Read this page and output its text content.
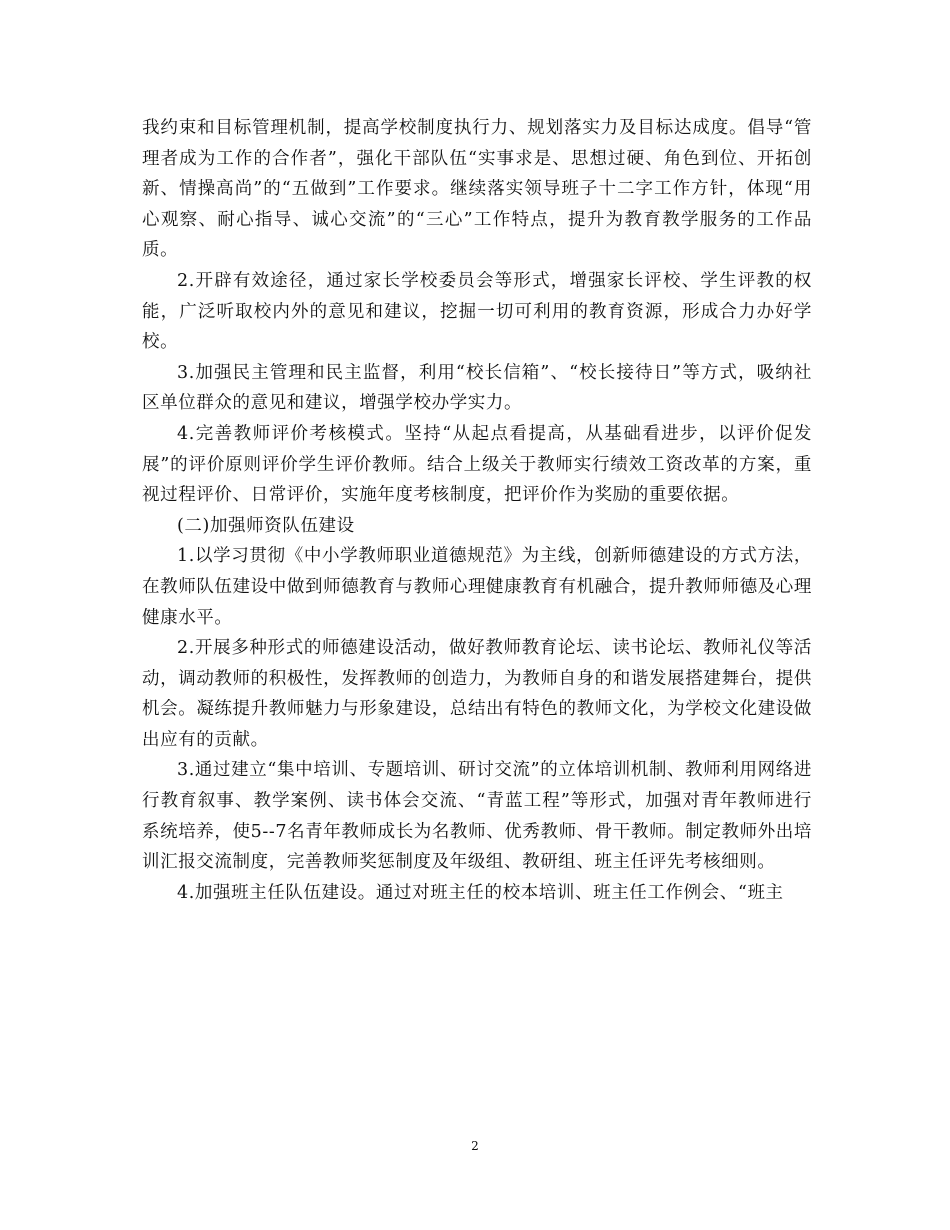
我约束和目标管理机制，提高学校制度执行力、规划落实力及目标达成度。倡导“管理者成为工作的合作者”，强化干部队伍“实事求是、思想过硬、角色到位、开拓创新、情操高尚”的“五做到”工作要求。继续落实领导班子十二字工作方针，体现“用心观察、耐心指导、诚心交流”的“三心”工作特点，提升为教育教学服务的工作品质。

2.开辟有效途径，通过家长学校委员会等形式，增强家长评校、学生评教的权能，广泛听取校内外的意见和建议，挖掘一切可利用的教育资源，形成合力办好学校。

3.加强民主管理和民主监督，利用“校长信箱”、“校长接待日”等方式，吸纳社区单位群众的意见和建议，增强学校办学实力。

4.完善教师评价考核模式。坚持“从起点看提高，从基础看进步，以评价促发展”的评价原则评价学生评价教师。结合上级关于教师实行绩效工资改革的方案，重视过程评价、日常评价，实施年度考核制度，把评价作为奖励的重要依据。

(二)加强师资队伍建设

1.以学习贯彻《中小学教师职业道德规范》为主线，创新师德建设的方式方法，在教师队伍建设中做到师德教育与教师心理健康教育有机融合，提升教师师德及心理健康水平。

2.开展多种形式的师德建设活动，做好教师教育论坛、读书论坛、教师礼仪等活动，调动教师的积极性，发挥教师的创造力，为教师自身的和谐发展搭建舞台，提供机会。凝练提升教师魅力与形象建设，总结出有特色的教师文化，为学校文化建设做出应有的贡献。

3.通过建立“集中培训、专题培训、研讨交流”的立体培训机制、教师利用网络进行教育叙事、教学案例、读书体会交流、“青蓝工程”等形式，加强对青年教师进行系统培养，使5--7名青年教师成长为名教师、优秀教师、骨干教师。制定教师外出培训汇报交流制度，完善教师奖惩制度及年级组、教研组、班主任评先考核细则。

4.加强班主任队伍建设。通过对班主任的校本培训、班主任工作例会、“班主

2
